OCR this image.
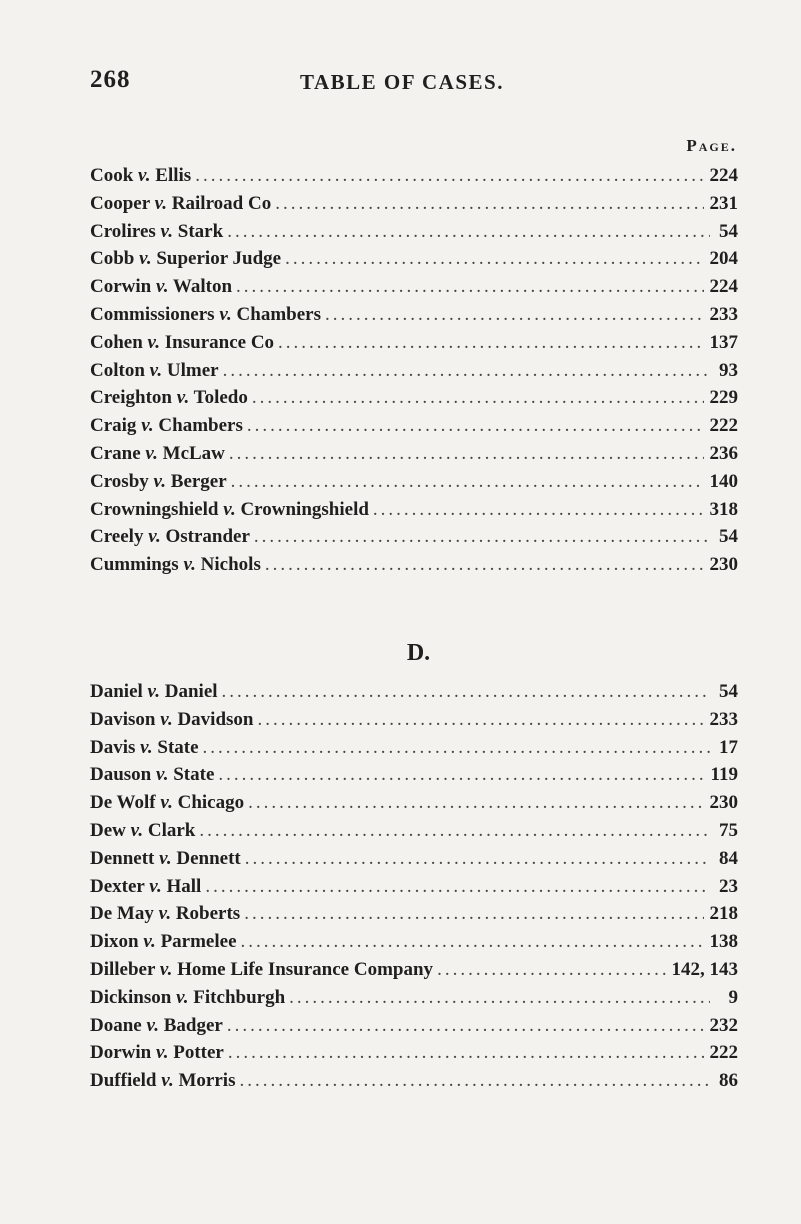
268	TABLE OF CASES.
Page.
Cook v. Ellis .....	224
Cooper v. Railroad Co .....	231
Crolires v. Stark .....	54
Cobb v. Superior Judge .....	204
Corwin v. Walton .....	224
Commissioners v. Chambers .....	233
Cohen v. Insurance Co .....	137
Colton v. Ulmer .....	93
Creighton v. Toledo .....	229
Craig v. Chambers .....	222
Crane v. McLaw .....	236
Crosby v. Berger .....	140
Crowningshield v. Crowningshield .....	318
Creely v. Ostrander .....	54
Cummings v. Nichols .....	230
D.
Daniel v. Daniel .....	54
Davison v. Davidson .....	233
Davis v. State .....	17
Dauson v. State .....	119
De Wolf v. Chicago .....	230
Dew v. Clark .....	75
Dennett v. Dennett .....	84
Dexter v. Hall .....	23
De May v. Roberts .....	218
Dixon v. Parmelee .....	138
Dilleber v. Home Life Insurance Company .....	142, 143
Dickinson v. Fitchburgh .....	9
Doane v. Badger .....	232
Dorwin v. Potter .....	222
Duffield v. Morris .....	86
